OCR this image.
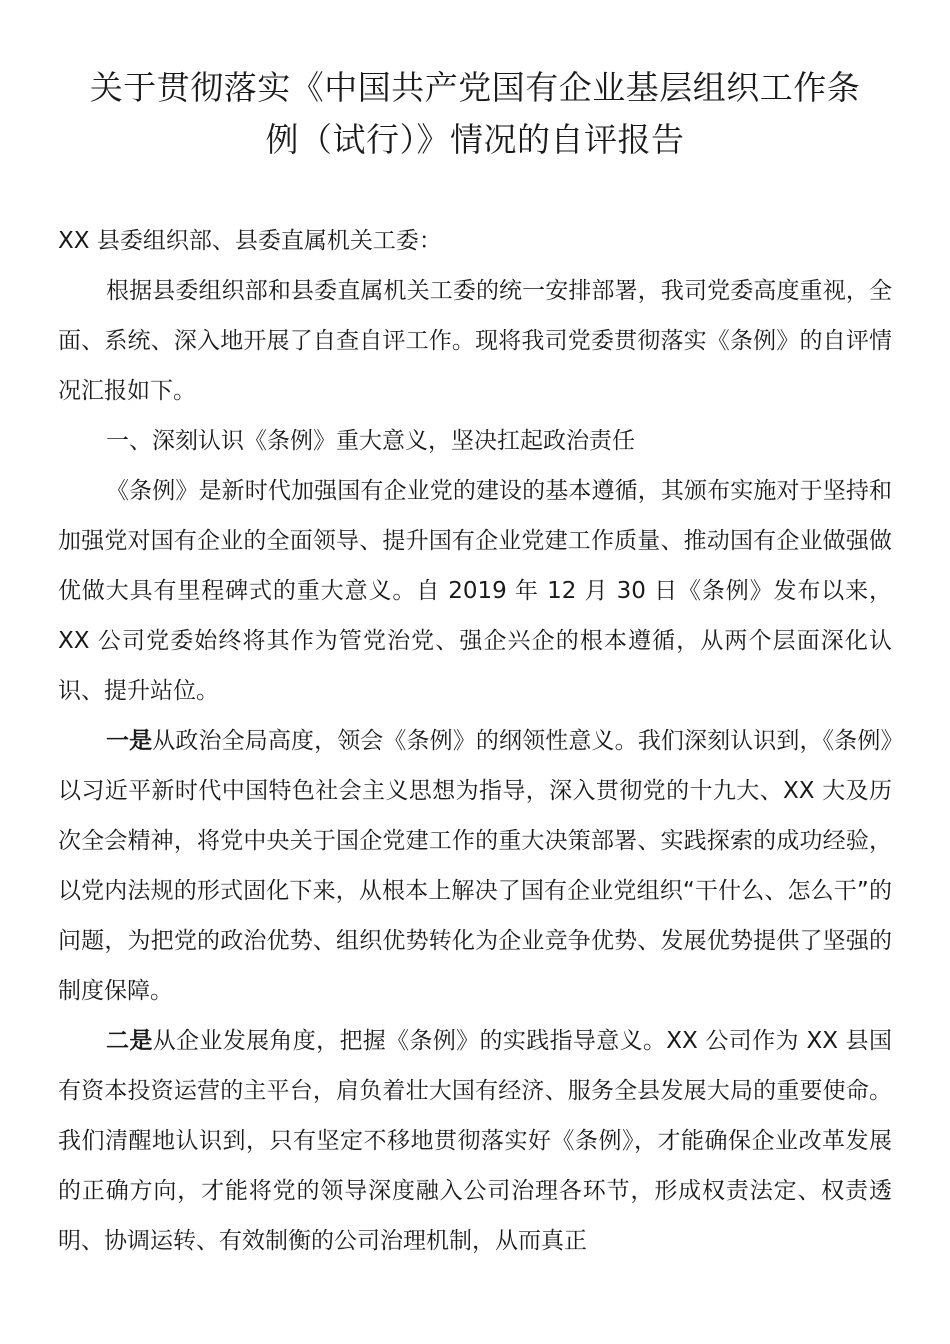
关于贯彻落实《中国共产党国有企业基层组织工作条
例（试行）》情况的自评报告

XX 县委组织部、县委直属机关工委：

根据县委组织部和县委直属机关工委的统一安排部署，我司党委高度重视，全面、系统、深入地开展了自查自评工作。现将我司党委贯彻落实《条例》的自评情况汇报如下。

一、深刻认识《条例》重大意义，坚决扛起政治责任

《条例》是新时代加强国有企业党的建设的基本遵循，其颁布实施对于坚持和加强党对国有企业的全面领导、提升国有企业党建工作质量、推动国有企业做强做优做大具有里程碑式的重大意义。自 2019 年 12 月 30 日《条例》发布以来，XX 公司党委始终将其作为管党治党、强企兴企的根本遵循，从两个层面深化认识、提升站位。

一是从政治全局高度，领会《条例》的纲领性意义。我们深刻认识到，《条例》以习近平新时代中国特色社会主义思想为指导，深入贯彻党的十九大、XX 大及历次全会精神，将党中央关于国企党建工作的重大决策部署、实践探索的成功经验，以党内法规的形式固化下来，从根本上解决了国有企业党组织“干什么、怎么干”的问题，为把党的政治优势、组织优势转化为企业竞争优势、发展优势提供了坚强的制度保障。

二是从企业发展角度，把握《条例》的实践指导意义。XX 公司作为 XX 县国有资本投资运营的主平台，肩负着壮大国有经济、服务全县发展大局的重要使命。我们清醒地认识到，只有坚定不移地贯彻落实好《条例》，才能确保企业改革发展的正确方向，才能将党的领导深度融入公司治理各环节，形成权责法定、权责透明、协调运转、有效制衡的公司治理机制，从而真正
